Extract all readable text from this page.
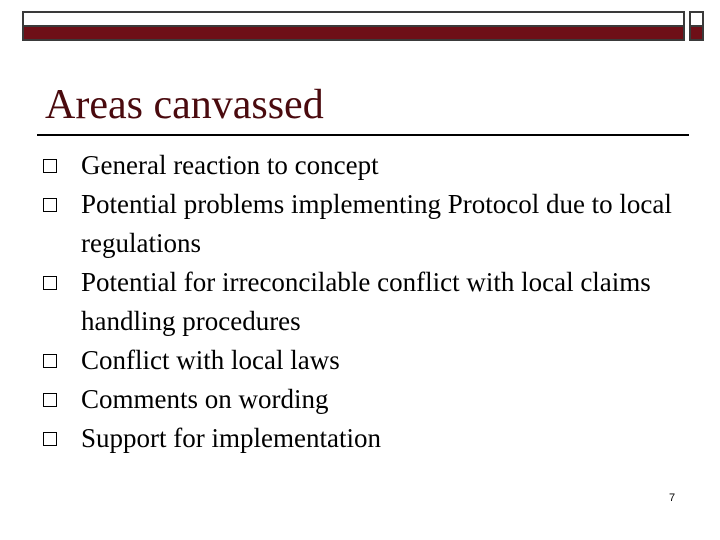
Areas canvassed
General reaction to concept
Potential problems implementing Protocol due to local regulations
Potential for irreconcilable conflict with local claims handling procedures
Conflict with local laws
Comments on wording
Support for implementation
7
